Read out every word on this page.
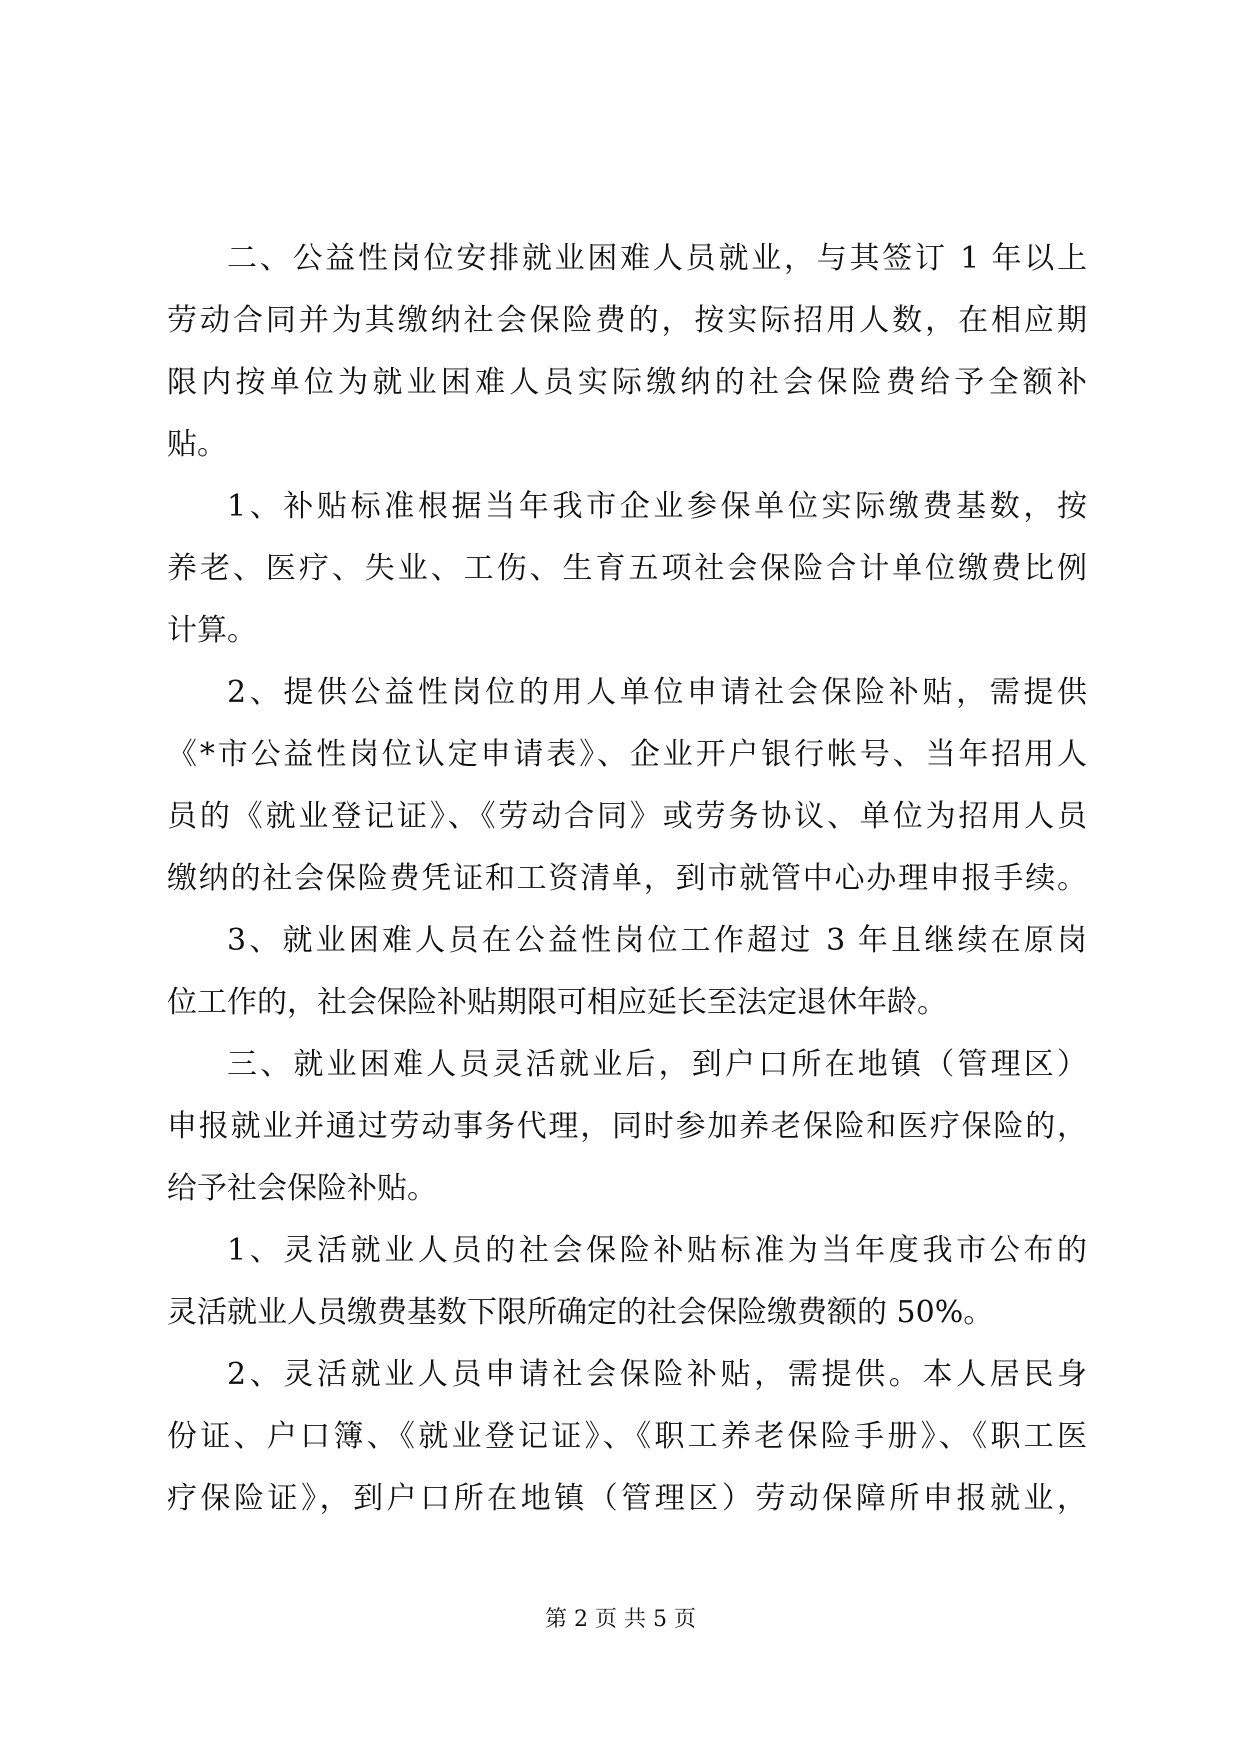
二、公益性岗位安排就业困难人员就业，与其签订 1 年以上
劳动合同并为其缴纳社会保险费的，按实际招用人数，在相应期
限内按单位为就业困难人员实际缴纳的社会保险费给予全额补
贴。
1、补贴标准根据当年我市企业参保单位实际缴费基数，按
养老、医疗、失业、工伤、生育五项社会保险合计单位缴费比例
计算。
2、提供公益性岗位的用人单位申请社会保险补贴，需提供
《*市公益性岗位认定申请表》、企业开户银行帐号、当年招用人
员的《就业登记证》、《劳动合同》或劳务协议、单位为招用人员
缴纳的社会保险费凭证和工资清单，到市就管中心办理申报手续。
3、就业困难人员在公益性岗位工作超过 3 年且继续在原岗
位工作的，社会保险补贴期限可相应延长至法定退休年龄。
三、就业困难人员灵活就业后，到户口所在地镇（管理区）
申报就业并通过劳动事务代理，同时参加养老保险和医疗保险的，
给予社会保险补贴。
1、灵活就业人员的社会保险补贴标准为当年度我市公布的
灵活就业人员缴费基数下限所确定的社会保险缴费额的 50%。
2、灵活就业人员申请社会保险补贴，需提供。本人居民身
份证、户口簿、《就业登记证》、《职工养老保险手册》、《职工医
疗保险证》，到户口所在地镇（管理区）劳动保障所申报就业，
第 2 页 共 5 页
